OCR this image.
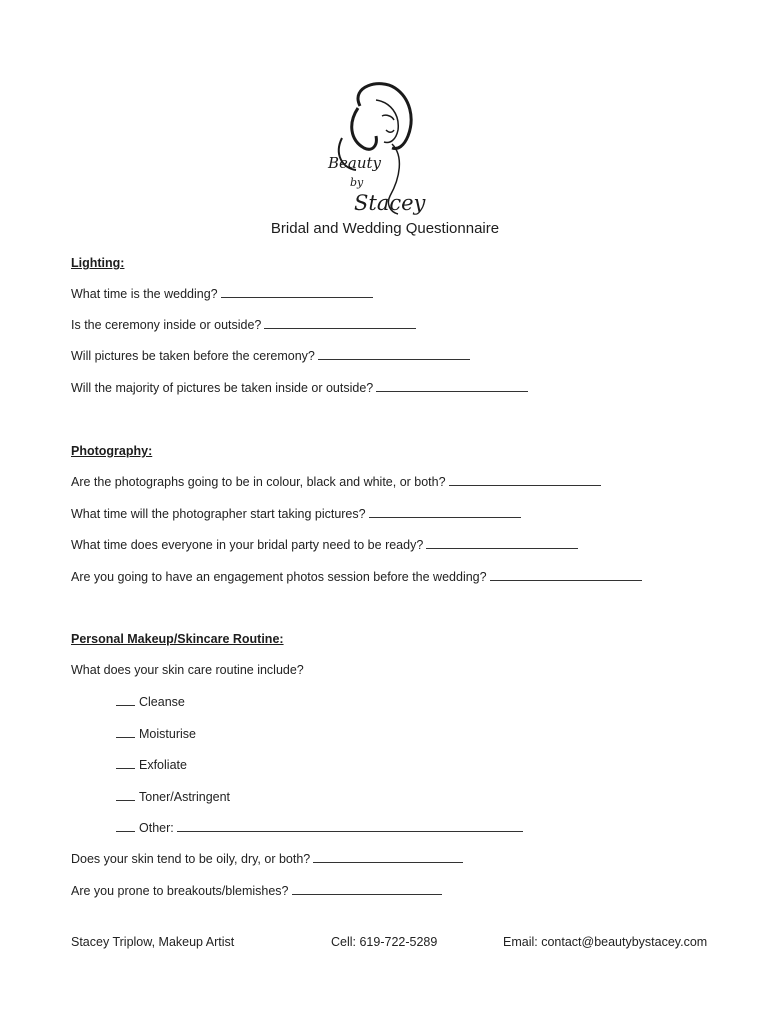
Beauty
by
Stacey
Bridal and Wedding Questionnaire
Lighting:
What time is the wedding?
Is the ceremony inside or outside?
Will pictures be taken before the ceremony?
Will the majority of pictures be taken inside or outside?
Photography:
Are the photographs going to be in colour, black and white, or both?
What time will the photographer start taking pictures?
What time does everyone in your bridal party need to be ready?
Are you going to have an engagement photos session before the wedding?
Personal Makeup/Skincare Routine:
What does your skin care routine include?
Cleanse
Moisturise
Exfoliate
Toner/Astringent
Other:
Does your skin tend to be oily, dry, or both?
Are you prone to breakouts/blemishes?
Stacey Triplow, Makeup Artist	Cell: 619-722-5289	Email: contact@beautybystacey.com
